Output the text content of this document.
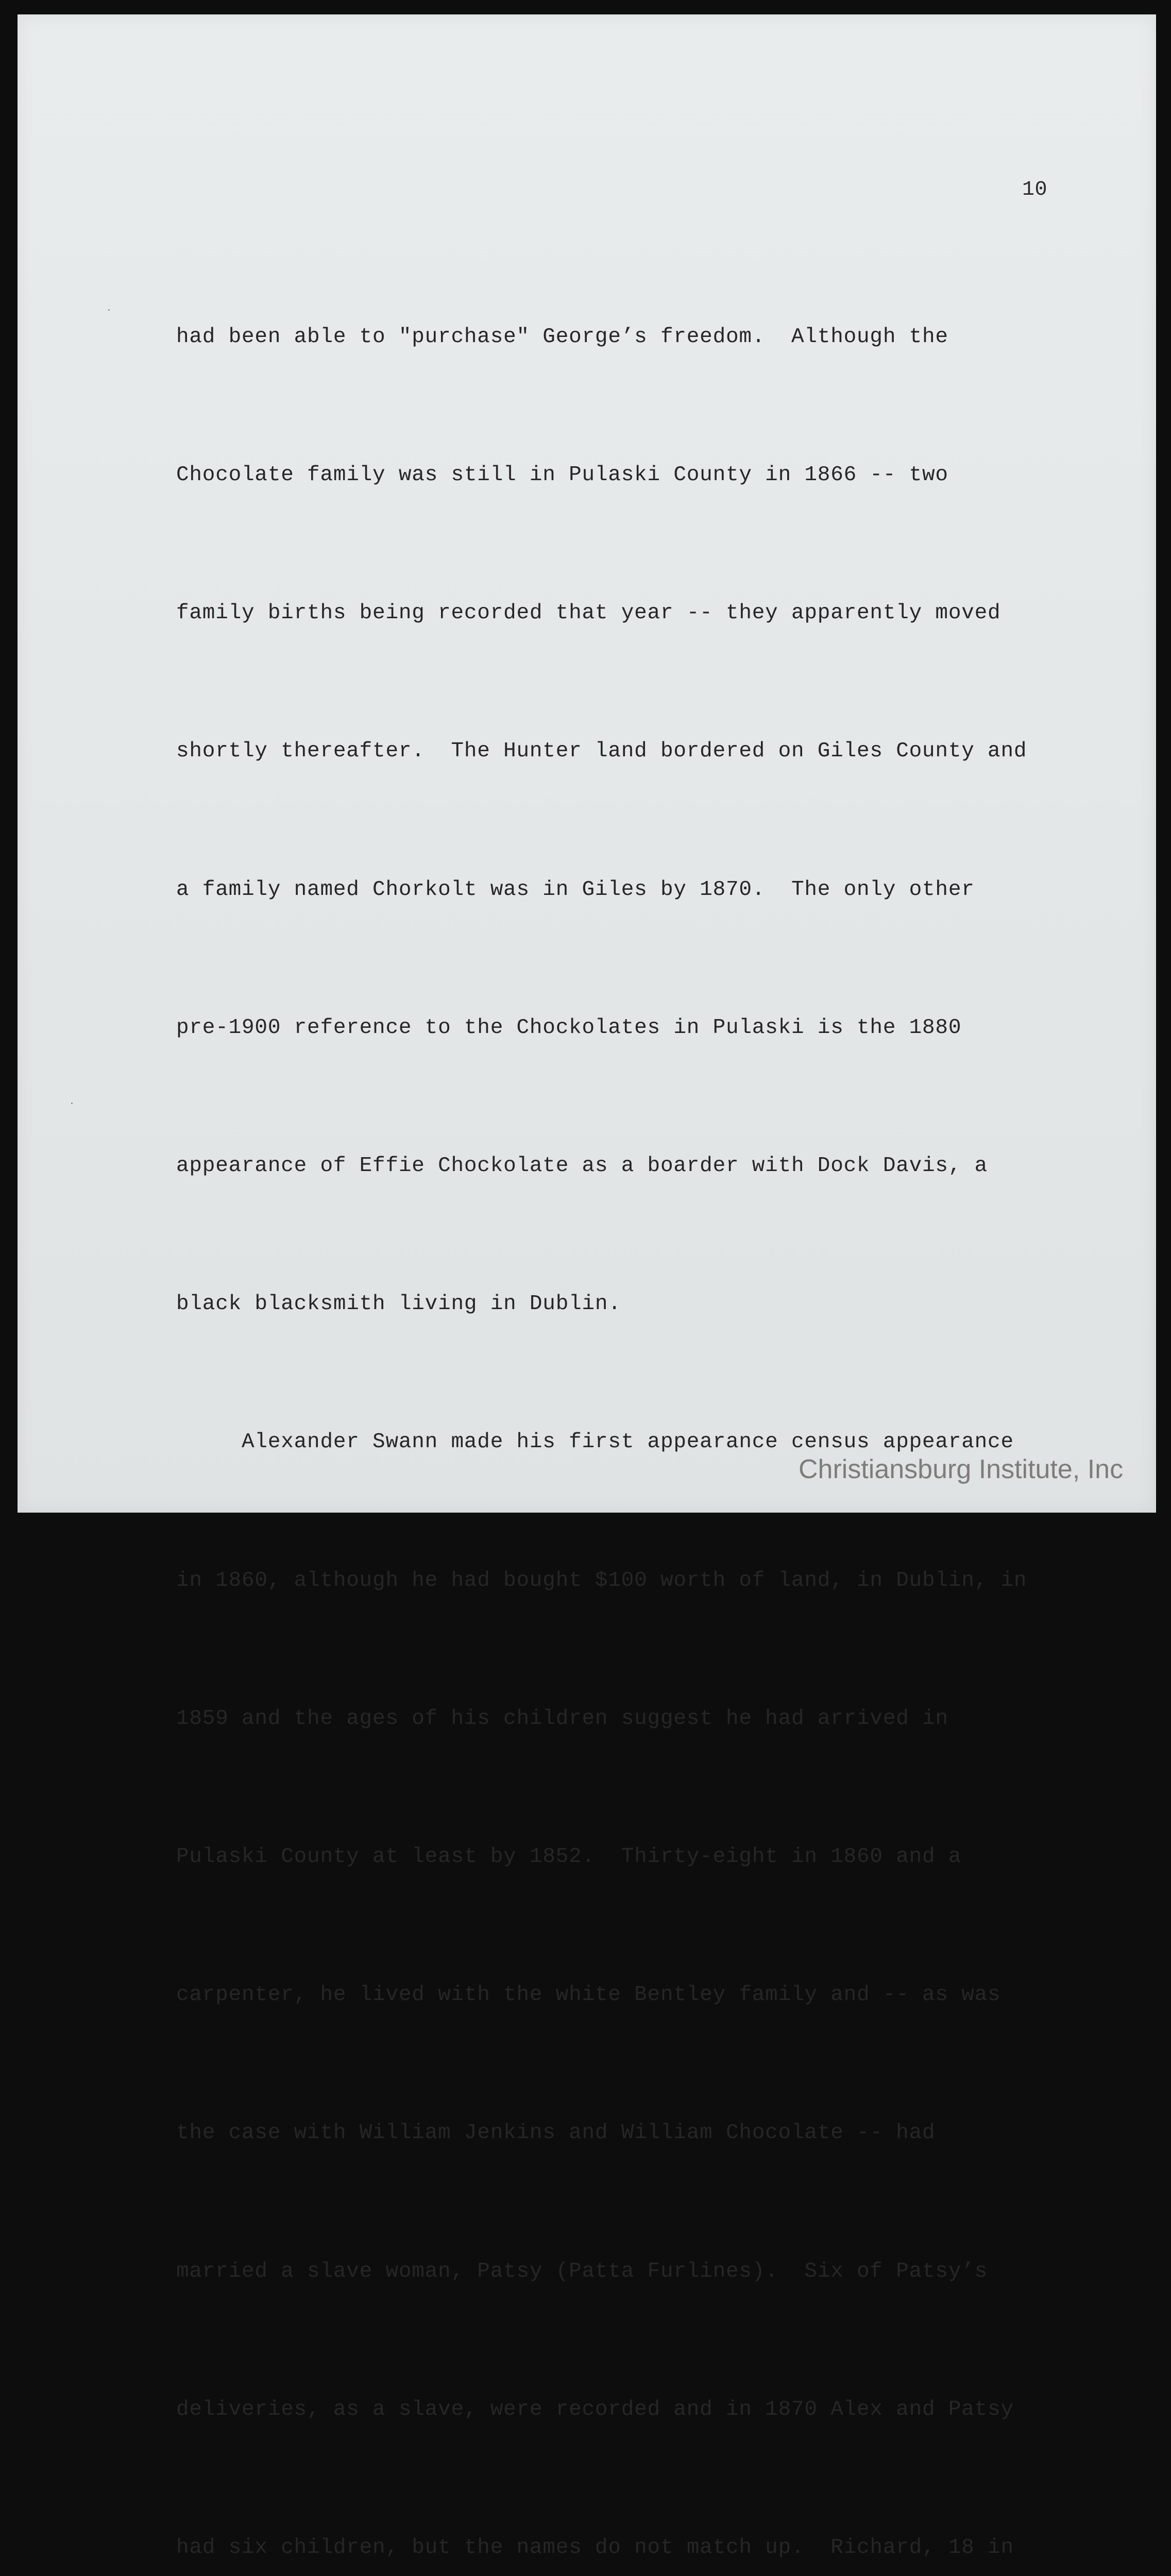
10

had been able to "purchase" George’s freedom.  Although the

Chocolate family was still in Pulaski County in 1866 -- two

family births being recorded that year -- they apparently moved

shortly thereafter.  The Hunter land bordered on Giles County and

a family named Chorkolt was in Giles by 1870.  The only other

pre-1900 reference to the Chockolates in Pulaski is the 1880

appearance of Effie Chockolate as a boarder with Dock Davis, a

black blacksmith living in Dublin.

Alexander Swann made his first appearance census appearance

in 1860, although he had bought $100 worth of land, in Dublin, in

1859 and the ages of his children suggest he had arrived in

Pulaski County at least by 1852.  Thirty-eight in 1860 and a

carpenter, he lived with the white Bentley family and -- as was

the case with William Jenkins and William Chocolate -- had

married a slave woman, Patsy (Patta Furlines).  Six of Patsy’s

deliveries, as a slave, were recorded and in 1870 Alex and Patsy

had six children, but the names do not match up.  Richard, 18 in

Christiansburg Institute, Inc
